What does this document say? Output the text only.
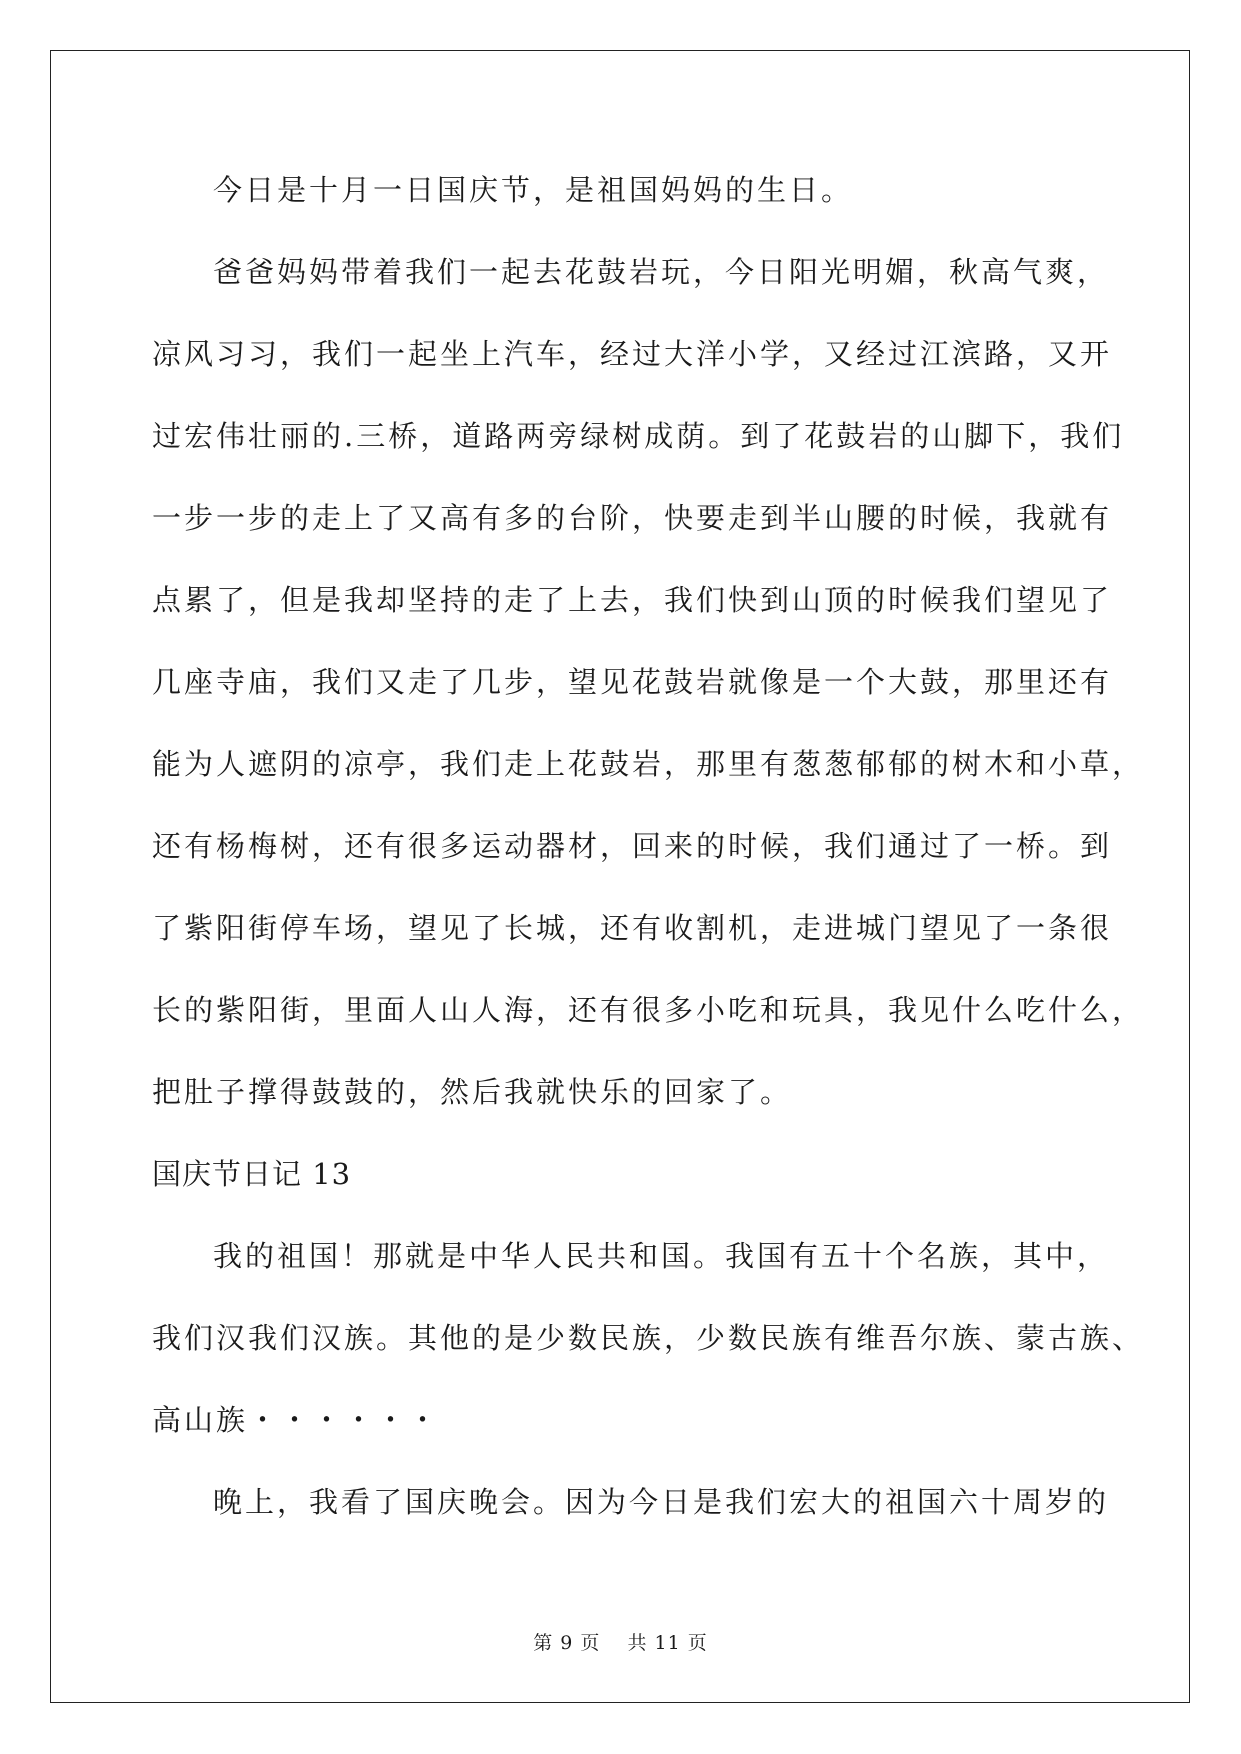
今日是十月一日国庆节，是祖国妈妈的生日。
爸爸妈妈带着我们一起去花鼓岩玩，今日阳光明媚，秋高气爽，
凉风习习，我们一起坐上汽车，经过大洋小学，又经过江滨路，又开
过宏伟壮丽的.三桥，道路两旁绿树成荫。到了花鼓岩的山脚下，我们
一步一步的走上了又高有多的台阶，快要走到半山腰的时候，我就有
点累了，但是我却坚持的走了上去，我们快到山顶的时候我们望见了
几座寺庙，我们又走了几步，望见花鼓岩就像是一个大鼓，那里还有
能为人遮阴的凉亭，我们走上花鼓岩，那里有葱葱郁郁的树木和小草，
还有杨梅树，还有很多运动器材，回来的时候，我们通过了一桥。到
了紫阳街停车场，望见了长城，还有收割机，走进城门望见了一条很
长的紫阳街，里面人山人海，还有很多小吃和玩具，我见什么吃什么，
把肚子撑得鼓鼓的，然后我就快乐的回家了。
国庆节日记 13
我的祖国！那就是中华人民共和国。我国有五十个名族，其中，
我们汉我们汉族。其他的是少数民族，少数民族有维吾尔族、蒙古族、
高山族・・・・・・
晚上，我看了国庆晚会。因为今日是我们宏大的祖国六十周岁的
第 9 页　 共 11 页
